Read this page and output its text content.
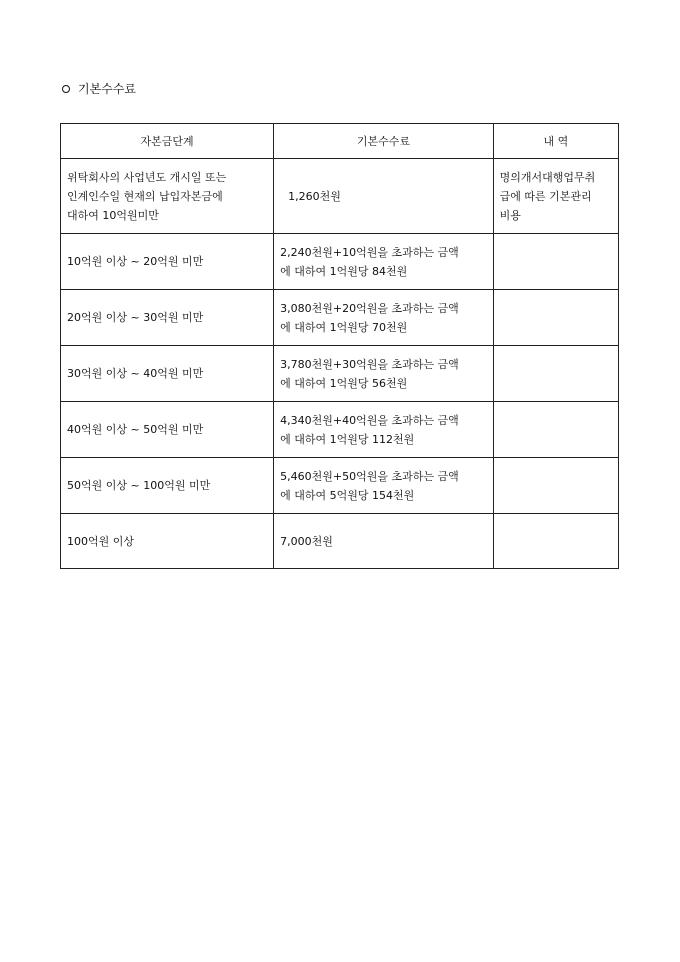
기본수수료
자본금단계	기본수수료	내 역
위탁회사의 사업년도 개시일 또는
인계인수일 현재의 납입자본금에
대하여 10억원미만	1,260천원	명의개서대행업무취
급에 따른 기본관리
비용
10억원 이상 ~ 20억원 미만	2,240천원+10억원을 초과하는 금액
에 대하여 1억원당 84천원	
20억원 이상 ~ 30억원 미만	3,080천원+20억원을 초과하는 금액
에 대하여 1억원당 70천원	
30억원 이상 ~ 40억원 미만	3,780천원+30억원을 초과하는 금액
에 대하여 1억원당 56천원	
40억원 이상 ~ 50억원 미만	4,340천원+40억원을 초과하는 금액
에 대하여 1억원당 112천원	
50억원 이상 ~ 100억원 미만	5,460천원+50억원을 초과하는 금액
에 대하여 5억원당 154천원	
100억원 이상	7,000천원	
